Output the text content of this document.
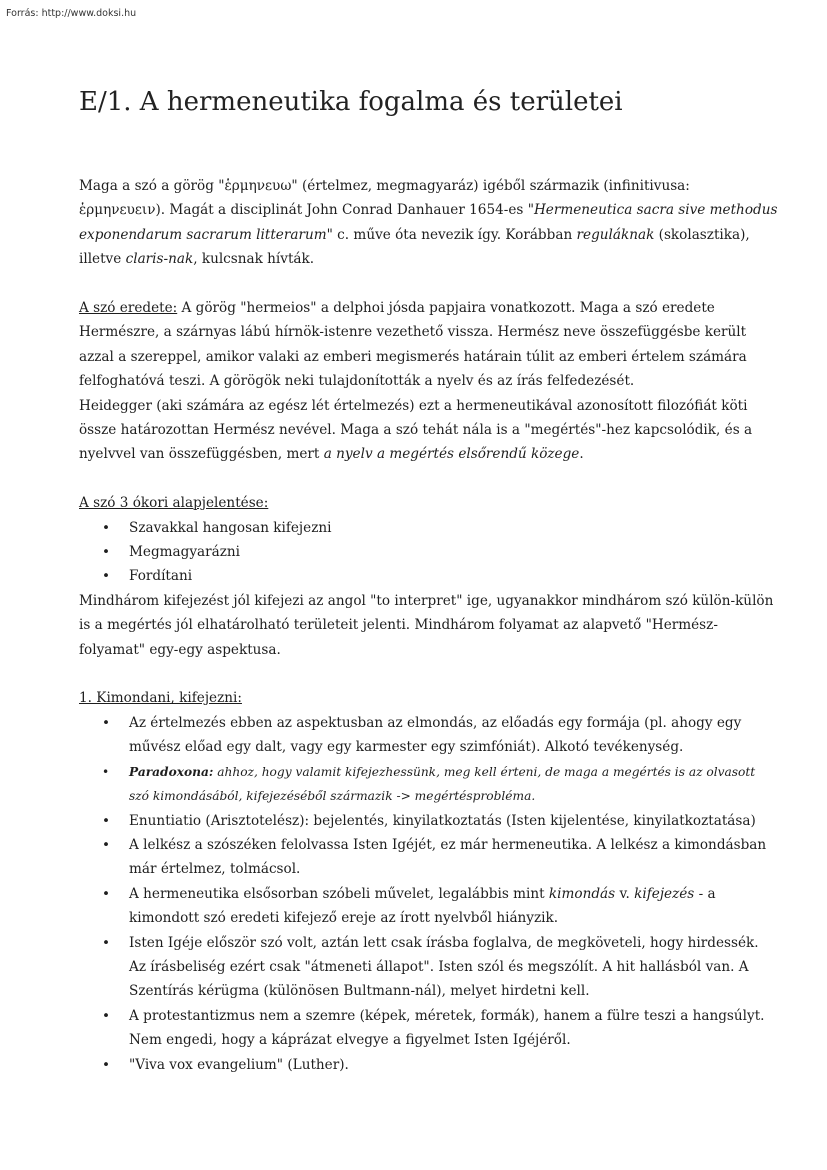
Forrás: http://www.doksi.hu
E/1. A hermeneutika fogalma és területei

Maga a szó a görög "ἑρμηνευω" (értelmez, megmagyaráz) igéből származik (infinitivusa: ἑρμηνευειν). Magát a disciplinát John Conrad Danhauer 1654-es "Hermeneutica sacra sive methodus exponendarum sacrarum litterarum" c. műve óta nevezik így. Korábban reguláknak (skolasztika), illetve claris-nak, kulcsnak hívták.

A szó eredete: A görög "hermeios" a delphoi jósda papjaira vonatkozott. Maga a szó eredete Hermészre, a szárnyas lábú hírnök-istenre vezethető vissza. Hermész neve összefüggésbe került azzal a szereppel, amikor valaki az emberi megismerés határain túlit az emberi értelem számára felfoghatóvá teszi. A görögök neki tulajdonították a nyelv és az írás felfedezését.

Heidegger (aki számára az egész lét értelmezés) ezt a hermeneutikával azonosított filozófiát köti össze határozottan Hermész nevével. Maga a szó tehát nála is a "megértés"-hez kapcsolódik, és a nyelvvel van összefüggésben, mert a nyelv a megértés elsőrendű közege.

A szó 3 ókori alapjelentése:

• Szavakkal hangosan kifejezni
• Megmagyarázni
• Fordítani

Mindhárom kifejezést jól kifejezi az angol "to interpret" ige, ugyanakkor mindhárom szó külön-külön is a megértés jól elhatárolható területeit jelenti. Mindhárom folyamat az alapvető "Hermész-folyamat" egy-egy aspektusa.

1. Kimondani, kifejezni:

• Az értelmezés ebben az aspektusban az elmondás, az előadás egy formája (pl. ahogy egy művész előad egy dalt, vagy egy karmester egy szimfóniát). Alkotó tevékenység.
• Paradoxona: ahhoz, hogy valamit kifejezhessünk, meg kell érteni, de maga a megértés is az olvasott szó kimondásából, kifejezéséből származik -> megértésprobléma.
• Enuntiatio (Arisztotelész): bejelentés, kinyilatkoztatás (Isten kijelentése, kinyilatkoztatása)
• A lelkész a szószéken felolvassa Isten Igéjét, ez már hermeneutika. A lelkész a kimondásban már értelmez, tolmácsol.
• A hermeneutika elsősorban szóbeli művelet, legalábbis mint kimondás v. kifejezés - a kimondott szó eredeti kifejező ereje az írott nyelvből hiányzik.
• Isten Igéje először szó volt, aztán lett csak írásba foglalva, de megköveteli, hogy hirdessék. Az írásbeliség ezért csak "átmeneti állapot". Isten szól és megszólít. A hit hallásból van. A Szentírás kérügma (különösen Bultmann-nál), melyet hirdetni kell.
• A protestantizmus nem a szemre (képek, méretek, formák), hanem a fülre teszi a hangsúlyt. Nem engedi, hogy a káprázat elvegye a figyelmet Isten Igéjéről.
• "Viva vox evangelium" (Luther).
